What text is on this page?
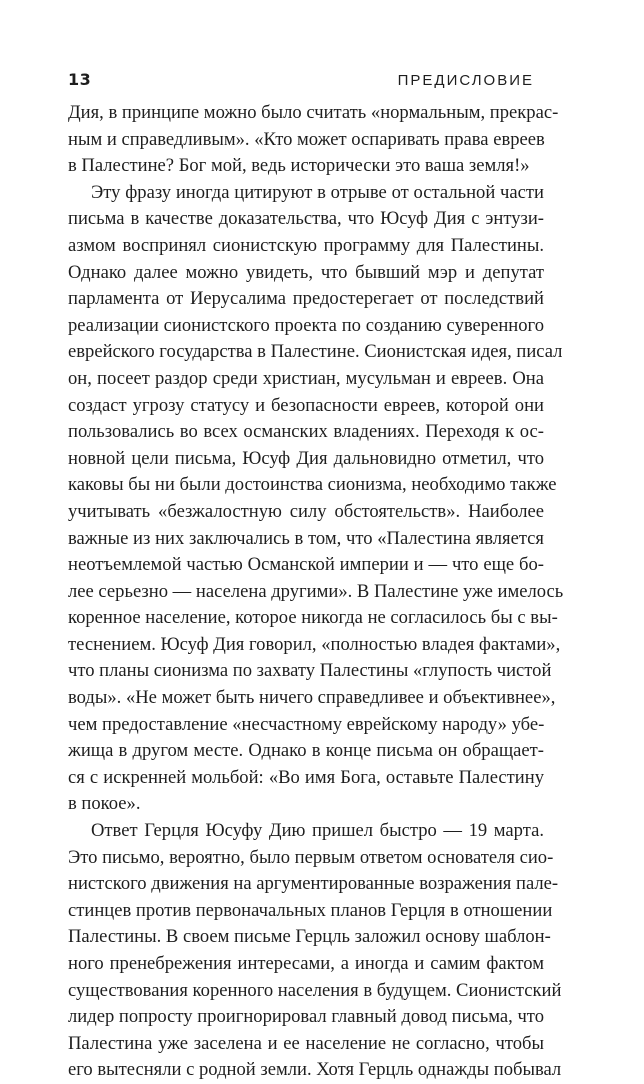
13	ПРЕДИСЛОВИЕ
Дия, в принципе можно было считать «нормальным, прекрас-
ным и справедливым». «Кто может оспаривать права евреев
в Палестине? Бог мой, ведь исторически это ваша земля!»
Эту фразу иногда цитируют в отрыве от остальной части
письма в качестве доказательства, что Юсуф Дия с энтузи-
азмом воспринял сионистскую программу для Палестины.
Однако далее можно увидеть, что бывший мэр и депутат
парламента от Иерусалима предостерегает от последствий
реализации сионистского проекта по созданию суверенного
еврейского государства в Палестине. Сионистская идея, писал
он, посеет раздор среди христиан, мусульман и евреев. Она
создаст угрозу статусу и безопасности евреев, которой они
пользовались во всех османских владениях. Переходя к ос-
новной цели письма, Юсуф Дия дальновидно отметил, что
каковы бы ни были достоинства сионизма, необходимо также
учитывать «безжалостную силу обстоятельств». Наиболее
важные из них заключались в том, что «Палестина является
неотъемлемой частью Османской империи и — что еще бо-
лее серьезно — населена другими». В Палестине уже имелось
коренное население, которое никогда не согласилось бы с вы-
теснением. Юсуф Дия говорил, «полностью владея фактами»,
что планы сионизма по захвату Палестины «глупость чистой
воды». «Не может быть ничего справедливее и объективнее»,
чем предоставление «несчастному еврейскому народу» убе-
жища в другом месте. Однако в конце письма он обращает-
ся с искренней мольбой: «Во имя Бога, оставьте Палестину
в покое».
Ответ Герцля Юсуфу Дию пришел быстро — 19 марта.
Это письмо, вероятно, было первым ответом основателя сио-
нистского движения на аргументированные возражения пале-
стинцев против первоначальных планов Герцля в отношении
Палестины. В своем письме Герцль заложил основу шаблон-
ного пренебрежения интересами, а иногда и самим фактом
существования коренного населения в будущем. Сионистский
лидер попросту проигнорировал главный довод письма, что
Палестина уже заселена и ее население не согласно, чтобы
его вытесняли с родной земли. Хотя Герцль однажды побывал
